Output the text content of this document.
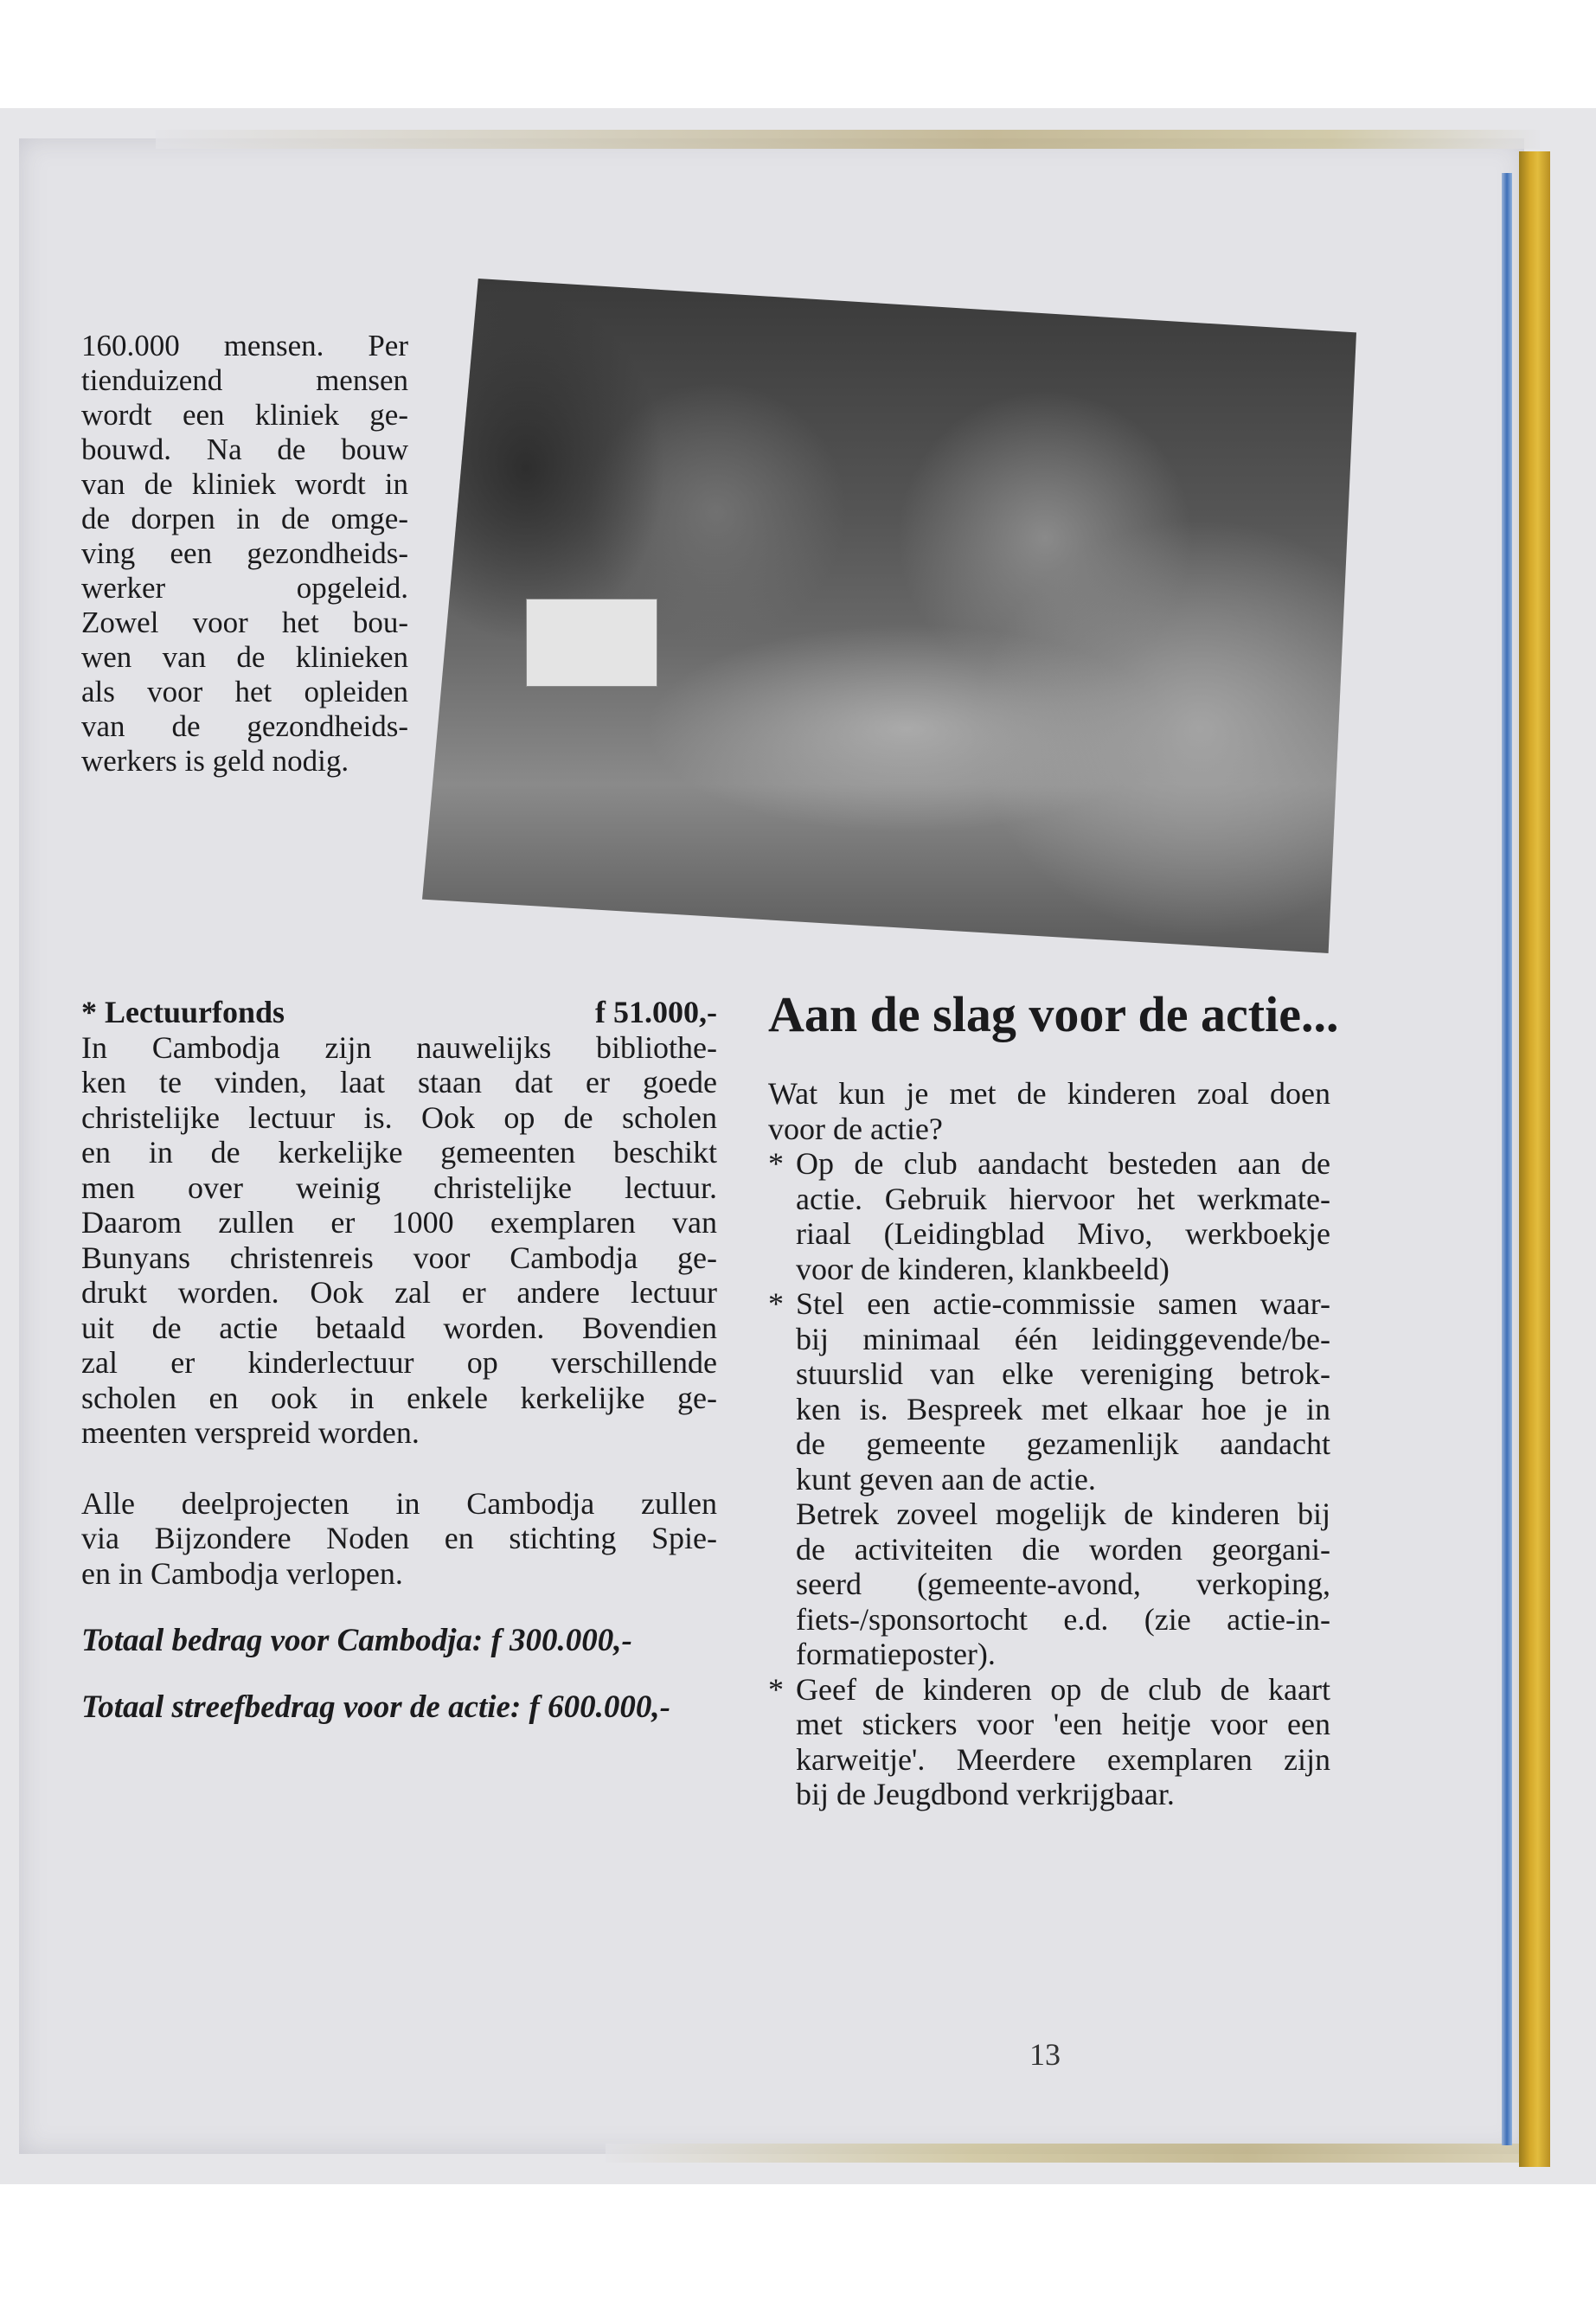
160.000 mensen. Per
tienduizend mensen
wordt een kliniek ge-
bouwd. Na de bouw
van de kliniek wordt in
de dorpen in de omge-
ving een gezondheids-
werker opgeleid.
Zowel voor het bou-
wen van de klinieken
als voor het opleiden
van de gezondheids-
werkers is geld nodig.
* Lectuurfonds	f 51.000,-
In Cambodja zijn nauwelijks bibliothe-
ken te vinden, laat staan dat er goede
christelijke lectuur is. Ook op de scholen
en in de kerkelijke gemeenten beschikt
men over weinig christelijke lectuur.
Daarom zullen er 1000 exemplaren van
Bunyans christenreis voor Cambodja ge-
drukt worden. Ook zal er andere lectuur
uit de actie betaald worden. Bovendien
zal er kinderlectuur op verschillende
scholen en ook in enkele kerkelijke ge-
meenten verspreid worden.
Alle deelprojecten in Cambodja zullen
via Bijzondere Noden en stichting Spie-
en in Cambodja verlopen.
Totaal bedrag voor Cambodja: f 300.000,-
Totaal streefbedrag voor de actie: f 600.000,-
Aan de slag voor de actie...
Wat kun je met de kinderen zoal doen
voor de actie?
* Op de club aandacht besteden aan de
actie. Gebruik hiervoor het werkmate-
riaal (Leidingblad Mivo, werkboekje
voor de kinderen, klankbeeld)
* Stel een actie-commissie samen waar-
bij minimaal één leidinggevende/be-
stuurslid van elke vereniging betrok-
ken is. Bespreek met elkaar hoe je in
de gemeente gezamenlijk aandacht
kunt geven aan de actie.
Betrek zoveel mogelijk de kinderen bij
de activiteiten die worden georgani-
seerd (gemeente-avond, verkoping,
fiets-/sponsortocht e.d. (zie actie-in-
formatieposter).
* Geef de kinderen op de club de kaart
met stickers voor 'een heitje voor een
karweitje'. Meerdere exemplaren zijn
bij de Jeugdbond verkrijgbaar.
13
